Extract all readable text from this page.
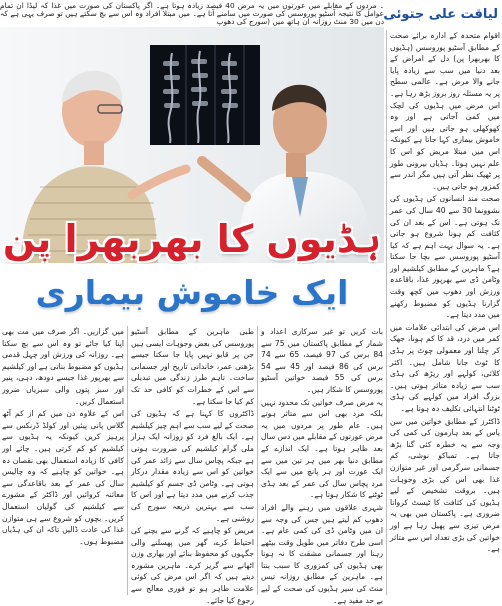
۔ مردوں کے مقابلے میں عورتوں میں یہ مرض 40 فیصد زیادہ ہوتا ہے۔ اگر پاکستان کی صورت میں

غذا کہ لیڈا ان تمام عوامل کا نتیجہ آسٹیو پوروسس کی صورت میں سامنے آتا ہے۔

میں مبتلا افراد وہ اس سے بچ سکتے ہیں تو صرف یہی ہے کہ دن میں 30 منٹ روزانہ ان ہاتھ میں (سورج کی دھوپ لیاقت علی جتوئی
ہڈیوں کا بھربھرا پن
ایک خاموش بیماری

اقوام متحدہ کے ادارہ برائے صحت کے مطابق آسٹیو پوروسس (ہڈیوں کا بھربھرا پن) دل کے امراض کے بعد دنیا میں سب سے زیادہ پایا جانے والا مرض ہے۔ عالمی سطح پر یہ مسئلہ روز بروز بڑھ رہا ہے۔ اس مرض میں ہڈیوں کی لچک میں کمی آجاتی ہے اور وہ کھوکھلی ہو جاتی ہیں اور اسے خاموش بیماری کہا جاتا ہے کیونکہ اس میں مبتلا مریض کو اس کا علم نہیں ہوتا۔ ہڈیاں بیرونی طور پر ٹھیک نظر آتی ہیں مگر اندر سے کمزور ہو جاتی ہیں۔

صحت مند انسانوں کی ہڈیوں کی نشوونما 30 سے 40 سال کی عمر تک ہوتی ہے۔ اس کے بعد ان کی کثافت کم ہونا شروع ہو جاتی ہے۔ یہ سوال بہت اہم ہے کہ کیا آسٹیو پوروسس سے بچا جا سکتا ہے؟ ماہرین کے مطابق کیلشیم اور وٹامن ڈی سے بھرپور غذا، باقاعدہ ورزش اور دھوپ میں کچھ وقت گزارنا ہڈیوں کو مضبوط رکھنے میں مدد دیتا ہے۔

اس مرض کی ابتدائی علامات میں کمر میں درد، قد کا کم ہونا، جھک کر چلنا اور معمولی چوٹ پر ہڈی کا ٹوٹ جانا شامل ہیں۔ اکثر کلائی، کولہے اور ریڑھ کی ہڈی سب سے زیادہ متاثر ہوتی ہیں۔ بزرگ افراد میں کولہے کی ہڈی ٹوٹنا انتہائی تکلیف دہ ہوتا ہے۔

ڈاکٹرز کے مطابق خواتین میں سن یاس کے بعد ہارمون کی کمی کی وجہ سے یہ خطرہ کئی گنا بڑھ جاتا ہے۔ تمباکو نوشی، کم جسمانی سرگرمی اور غیر متوازن غذا بھی اس کی بڑی وجوہات ہیں۔ بروقت تشخیص کے لیے ہڈیوں کی کثافت کا ٹیسٹ کروانا ضروری ہے۔ پاکستان میں بھی یہ مرض تیزی سے پھیل رہا ہے اور خواتین کی بڑی تعداد اس سے متاثر ہے۔

میں گزاریں۔ اگر صرف میں مت بھی اپنا کیا جائے تو وہ اس سے بچ سکتا ہے۔ روزانہ کی ورزش اور چہل قدمی ہڈیوں کو مضبوط بناتی ہے اور کیلشیم سے بھرپور غذا جیسے دودھ، دہی، پنیر اور سبز پتوں والی سبزیاں ضرور استعمال کریں۔

اس کے علاوہ دن میں کم از کم آٹھ گلاس پانی پیئیں اور کولڈ ڈرنکس سے پرہیز کریں کیونکہ یہ ہڈیوں سے کیلشیم کو کم کرتی ہیں۔ چائے اور کافی کا زیادہ استعمال بھی نقصان دہ ہے۔ خواتین کو چاہیے کہ وہ چالیس سال کی عمر کے بعد باقاعدگی سے معائنہ کروائیں اور ڈاکٹر کے مشورے سے کیلشیم کی گولیاں استعمال کریں۔ بچوں کو شروع سے ہی متوازن غذا کی عادت ڈالیں تاکہ ان کی ہڈیاں مضبوط ہوں۔

طبی ماہرین کے مطابق آسٹیو پوروسس کی بعض وجوہات ایسی ہیں جن پر قابو نہیں پایا جا سکتا جیسے بڑھتی عمر، خاندانی تاریخ اور جسمانی ساخت۔ تاہم طرز زندگی میں تبدیلی سے اس کے خطرات کو کافی حد تک کم کیا جا سکتا ہے۔

ڈاکٹروں کا کہنا ہے کہ ہڈیوں کی صحت کے لیے سب سے اہم چیز کیلشیم ہے۔ ایک بالغ فرد کو روزانہ ایک ہزار ملی گرام کیلشیم کی ضرورت ہوتی ہے جبکہ پچاس سال سے زائد عمر کی خواتین کو اس سے زیادہ مقدار درکار ہوتی ہے۔ وٹامن ڈی جسم کو کیلشیم جذب کرنے میں مدد دیتا ہے اور اس کا سب سے بہترین ذریعہ سورج کی روشنی ہے۔

مریض کو چاہیے کہ گرنے سے بچنے کی احتیاط کرے، گھر میں پھسلنے والی جگہوں کو محفوظ بنائے اور بھاری وزن اٹھانے سے گریز کرے۔ ماہرین مشورہ دیتے ہیں کہ اگر اس مرض کی کوئی علامت ظاہر ہو تو فوری معالج سے رجوع کیا جائے۔

بات کریں تو غیر سرکاری اعداد و شمار کے مطابق پاکستان میں 75 سے 84 برس کی 97 فیصد، 65 سے 74 برس کی 86 فیصد اور 45 سے 54 برس کی 55 فیصد خواتین آسٹیو پوروسس کا شکار ہیں۔

یہ مرض صرف خواتین تک محدود نہیں بلکہ مرد بھی اس سے متاثر ہوتے ہیں۔ عام طور پر مردوں میں یہ مرض عورتوں کے مقابلے میں دس سال بعد ظاہر ہوتا ہے۔ ایک اندازے کے مطابق دنیا بھر میں ہر تین میں سے ایک عورت اور ہر پانچ میں سے ایک مرد پچاس سال کی عمر کے بعد ہڈی ٹوٹنے کا شکار ہوتا ہے۔

شہری علاقوں میں رہنے والے افراد دھوپ کم لیتے ہیں جس کی وجہ سے ان میں وٹامن ڈی کی کمی عام ہے۔ اسی طرح دفاتر میں طویل وقت بیٹھے رہنا اور جسمانی مشقت کا نہ ہونا بھی ہڈیوں کی کمزوری کا سبب بنتا ہے۔ ماہرین کے مطابق روزانہ تیس منٹ کی سیر ہڈیوں کی صحت کے لیے بے حد مفید ہے۔
